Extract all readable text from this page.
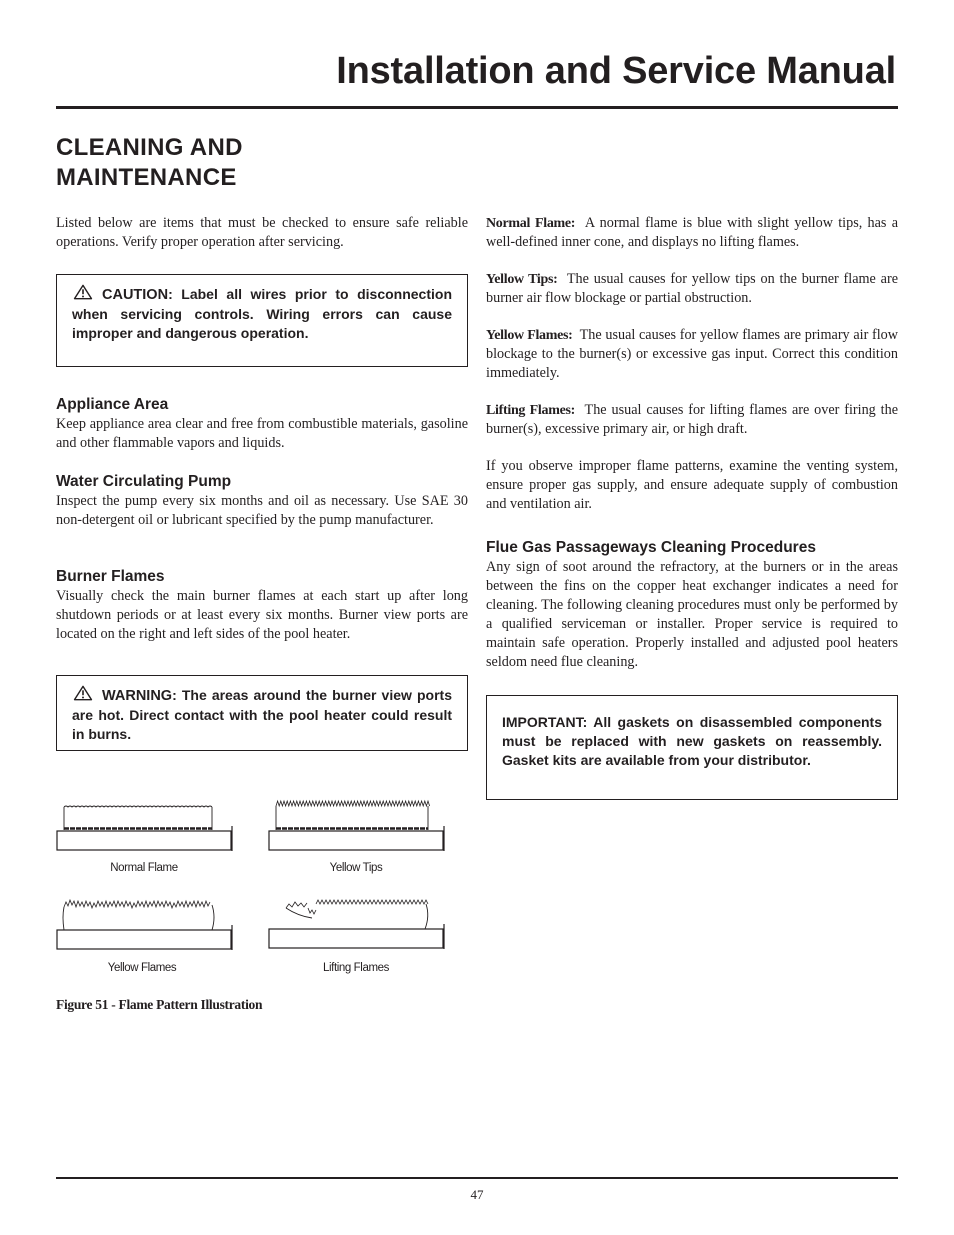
Installation and Service Manual
CLEANING AND
MAINTENANCE

Listed below are items that must be checked to ensure safe reliable operations. Verify proper operation after servicing.

CAUTION: Label all wires prior to disconnection when servicing controls. Wiring errors can cause improper and dangerous operation.
Appliance Area

Keep appliance area clear and free from combustible materials, gasoline and other flammable vapors and liquids.

Water Circulating Pump

Inspect the pump every six months and oil as necessary. Use SAE 30 non-detergent oil or lubricant specified by the pump manufacturer.

Burner Flames

Visually check the main burner flames at each start up after long shutdown periods or at least every six months. Burner view ports are located on the right and left sides of the pool heater.

WARNING: The areas around the burner view ports are hot. Direct contact with the pool heater could result in burns.
Normal Flame	Yellow Tips
Yellow Flames	Lifting Flames
Figure 51 - Flame Pattern Illustration

Normal Flame: A normal flame is blue with slight yellow tips, has a well-defined inner cone, and displays no lifting flames.

Yellow Tips: The usual causes for yellow tips on the burner flame are burner air flow blockage or partial obstruction.

Yellow Flames: The usual causes for yellow flames are primary air flow blockage to the burner(s) or excessive gas input. Correct this condition immediately.

Lifting Flames: The usual causes for lifting flames are over firing the burner(s), excessive primary air, or high draft.

If you observe improper flame patterns, examine the venting system, ensure proper gas supply, and ensure adequate supply of combustion and ventilation air.

Flue Gas Passageways Cleaning Procedures

Any sign of soot around the refractory, at the burners or in the areas between the fins on the copper heat exchanger indicates a need for cleaning. The following cleaning procedures must only be performed by a qualified serviceman or installer. Proper service is required to maintain safe operation. Properly installed and adjusted pool heaters seldom need flue cleaning.

IMPORTANT: All gaskets on disassembled components must be replaced with new gaskets on reassembly. Gasket kits are available from your distributor.
47
